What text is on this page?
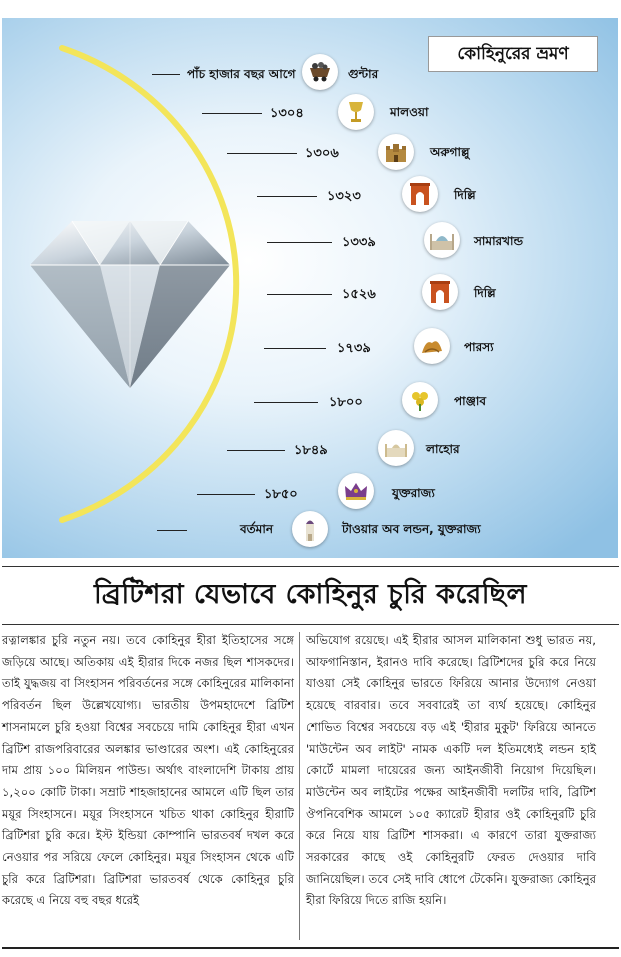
কোহিনুরের ভ্রমণ
পাঁচ হাজার বছর আগে	গুন্টার
১৩০৪	মালওয়া
১৩০৬	অরুগাল্লু
১৩২৩	দিল্লি
১৩৩৯	সামারখান্ড
১৫২৬	দিল্লি
১৭৩৯	পারস্য
১৮০০	পাঞ্জাব
১৮৪৯	লাহোর
১৮৫০	যুক্তরাজ্য
বর্তমান	টাওয়ার অব লন্ডন, যুক্তরাজ্য
ব্রিটিশরা যেভাবে কোহিনুর চুরি করেছিল
রত্নালঙ্কার চুরি নতুন নয়। তবে কোহিনুর হীরা ইতিহাসের সঙ্গে জড়িয়ে আছে। অতিকায় এই হীরার দিকে নজর ছিল শাসকদের। তাই যুদ্ধজয় বা সিংহাসন পরিবর্তনের সঙ্গে কোহিনুরের মালিকানা পরিবর্তন ছিল উল্লেখযোগ্য। ভারতীয় উপমহাদেশে ব্রিটিশ শাসনামলে চুরি হওয়া বিশ্বের সবচেয়ে দামি কোহিনুর হীরা এখন ব্রিটিশ রাজপরিবারের অলঙ্কার ভাণ্ডারের অংশ। এই কোহিনুরের দাম প্রায় ১০০ মিলিয়ন পাউন্ড। অর্থাৎ বাংলাদেশি টাকায় প্রায় ১,২০০ কোটি টাকা। সম্রাট শাহজাহানের আমলে এটি ছিল তার ময়ূর সিংহাসনে। ময়ূর সিংহাসনে খচিত থাকা কোহিনুর হীরাটি ব্রিটিশরা চুরি করে। ইস্ট ইন্ডিয়া কোম্পানি ভারতবর্ষ দখল করে নেওয়ার পর সরিয়ে ফেলে কোহিনুর। ময়ূর সিংহাসন থেকে এটি চুরি করে ব্রিটিশরা। ব্রিটিশরা ভারতবর্ষ থেকে কোহিনুর চুরি করেছে এ নিয়ে বহু বছর ধরেই
অভিযোগ রয়েছে। এই হীরার আসল মালিকানা শুধু ভারত নয়, আফগানিস্তান, ইরানও দাবি করেছে। ব্রিটিশদের চুরি করে নিয়ে যাওয়া সেই কোহিনুর ভারতে ফিরিয়ে আনার উদ্যোগ নেওয়া হয়েছে বারবার। তবে সববারেই তা ব্যর্থ হয়েছে। কোহিনুর শোভিত বিশ্বের সবচেয়ে বড় এই 'হীরার মুকুট' ফিরিয়ে আনতে 'মাউন্টেন অব লাইট' নামক একটি দল ইতিমধ্যেই লন্ডন হাই কোর্টে মামলা দায়েরের জন্য আইনজীবী নিয়োগ দিয়েছিল। মাউন্টেন অব লাইটের পক্ষের আইনজীবী দলটির দাবি, ব্রিটিশ ঔপনিবেশিক আমলে ১০৫ ক্যারেট হীরার ওই কোহিনুরটি চুরি করে নিয়ে যায় ব্রিটিশ শাসকরা। এ কারণে তারা যুক্তরাজ্য সরকারের কাছে ওই কোহিনুরটি ফেরত দেওয়ার দাবি জানিয়েছিল। তবে সেই দাবি ধোপে টেকেনি। যুক্তরাজ্য কোহিনুর হীরা ফিরিয়ে দিতে রাজি হয়নি।
